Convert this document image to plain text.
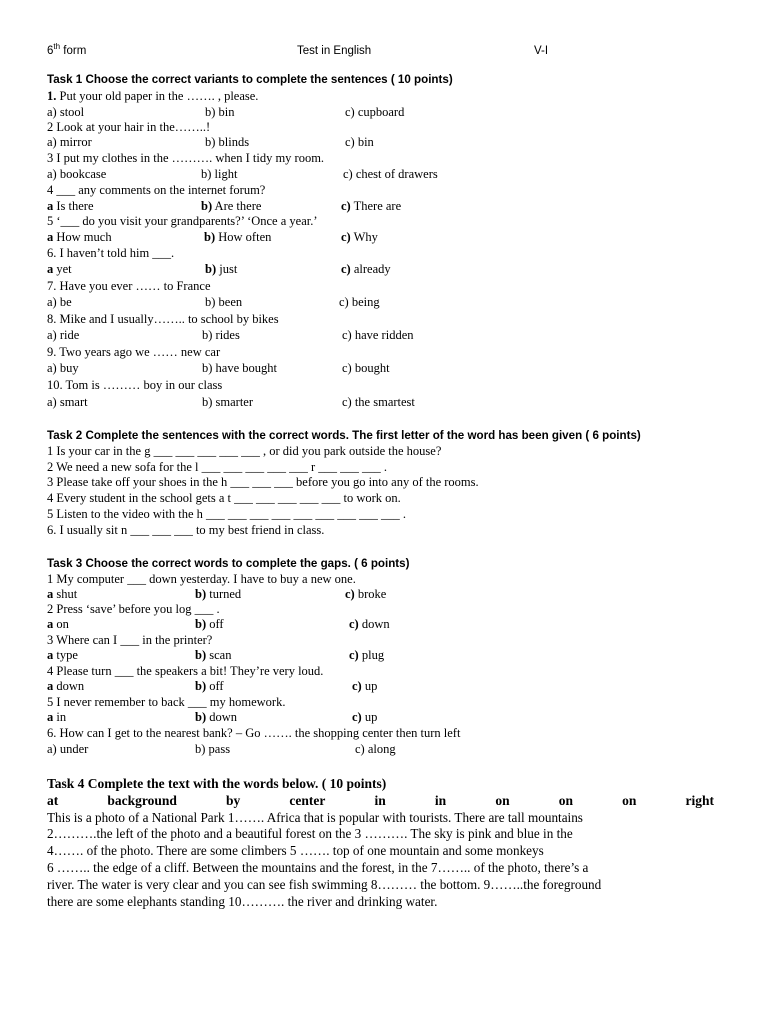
6th form	Test in English	V-I
Task 1 Choose the correct variants to complete the sentences ( 10 points)
1. Put your old paper in the ……. , please.
a) stool	b) bin	c) cupboard
2 Look at your hair in the……..!
a) mirror	b) blinds	c) bin
3 I put my clothes in the ………. when I tidy my room.
a) bookcase	b) light	c) chest of drawers
4 ___ any comments on the internet forum?
a Is there	b) Are there	c) There are
5 ‘___ do you visit your grandparents?’ ‘Once a year.’
a How much	b) How often	c) Why
6. I haven’t told him ___.
a yet	b) just	c) already
7. Have you ever …… to France
a) be	b) been	c) being
8. Mike and I usually…….. to school by bikes
a) ride	b) rides	c) have ridden
9. Two years ago we …… new car
a) buy	b) have bought	c) bought
10. Tom is ……… boy in our class
a) smart	b) smarter	c) the smartest
Task 2 Complete the sentences with the correct words. The first letter of the word has been given ( 6 points)
1 Is your car in the g ___ ___ ___ ___ ___ , or did you park outside the house?
2 We need a new sofa for the l ___ ___ ___ ___ ___ r ___ ___ ___ .
3 Please take off your shoes in the h ___ ___ ___ before you go into any of the rooms.
4 Every student in the school gets a t ___ ___ ___ ___ ___ to work on.
5 Listen to the video with the h ___ ___ ___ ___ ___ ___ ___ ___ ___ .
6. I usually sit n ___ ___ ___ to my best friend in class.
Task 3 Choose the correct words to complete the gaps. ( 6 points)
1 My computer ___ down yesterday. I have to buy a new one.
a shut	b) turned	c) broke
2 Press ‘save’ before you log ___ .
a on	b) off	c) down
3 Where can I ___ in the printer?
a type	b) scan	c) plug
4 Please turn ___ the speakers a bit! They’re very loud.
a down	b) off	c) up
5 I never remember to back ___ my homework.
a in	b) down	c) up
6. How can I get to the nearest bank? – Go ……. the shopping center then turn left
a) under	b) pass	c) along
Task 4 Complete the text with the words below. ( 10 points)
at	background	by	center	in	in	on	on	on	right
This is a photo of a National Park 1……. Africa that is popular with tourists. There are tall mountains
2……….the left of the photo and a beautiful forest on the 3 ………. The sky is pink and blue in the
4……. of the photo. There are some climbers 5 ……. top of one mountain and some monkeys
6 …….. the edge of a cliff. Between the mountains and the forest, in the 7…….. of the photo, there’s a
river. The water is very clear and you can see fish swimming 8……… the bottom. 9……..the foreground
there are some elephants standing 10………. the river and drinking water.
